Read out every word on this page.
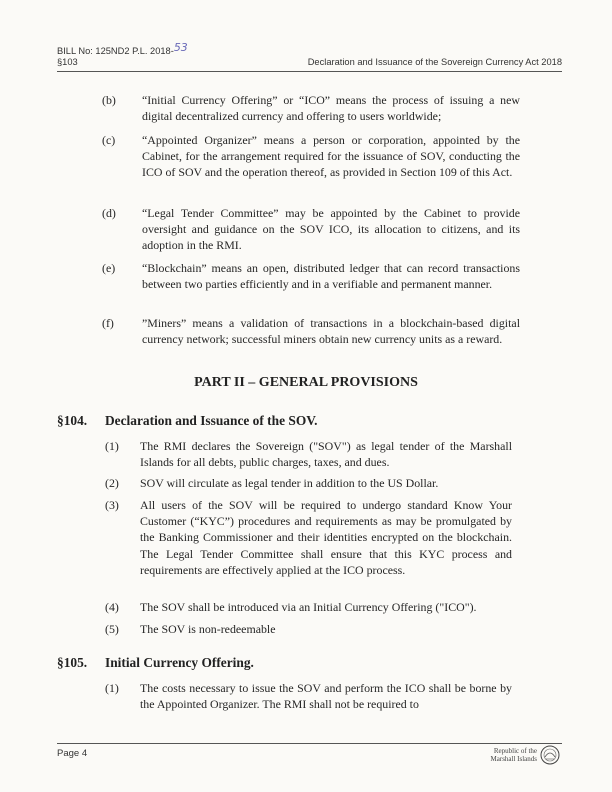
BILL No: 125ND2 P.L. 2018-53
§103	Declaration and Issuance of the Sovereign Currency Act 2018
(b) “Initial Currency Offering” or “ICO” means the process of issuing a new digital decentralized currency and offering to users worldwide;
(c) “Appointed Organizer” means a person or corporation, appointed by the Cabinet, for the arrangement required for the issuance of SOV, conducting the ICO of SOV and the operation thereof, as provided in Section 109 of this Act.
(d) “Legal Tender Committee” may be appointed by the Cabinet to provide oversight and guidance on the SOV ICO, its allocation to citizens, and its adoption in the RMI.
(e) “Blockchain” means an open, distributed ledger that can record transactions between two parties efficiently and in a verifiable and permanent manner.
(f) ”Miners” means a validation of transactions in a blockchain-based digital currency network; successful miners obtain new currency units as a reward.
PART II – GENERAL PROVISIONS
§104. Declaration and Issuance of the SOV.
(1) The RMI declares the Sovereign ("SOV") as legal tender of the Marshall Islands for all debts, public charges, taxes, and dues.
(2) SOV will circulate as legal tender in addition to the US Dollar.
(3) All users of the SOV will be required to undergo standard Know Your Customer (“KYC”) procedures and requirements as may be promulgated by the Banking Commissioner and their identities encrypted on the blockchain. The Legal Tender Committee shall ensure that this KYC process and requirements are effectively applied at the ICO process.
(4) The SOV shall be introduced via an Initial Currency Offering ("ICO").
(5) The SOV is non-redeemable
§105. Initial Currency Offering.
(1) The costs necessary to issue the SOV and perform the ICO shall be borne by the Appointed Organizer. The RMI shall not be required to
Page 4	Republic of the
Marshall Islands
